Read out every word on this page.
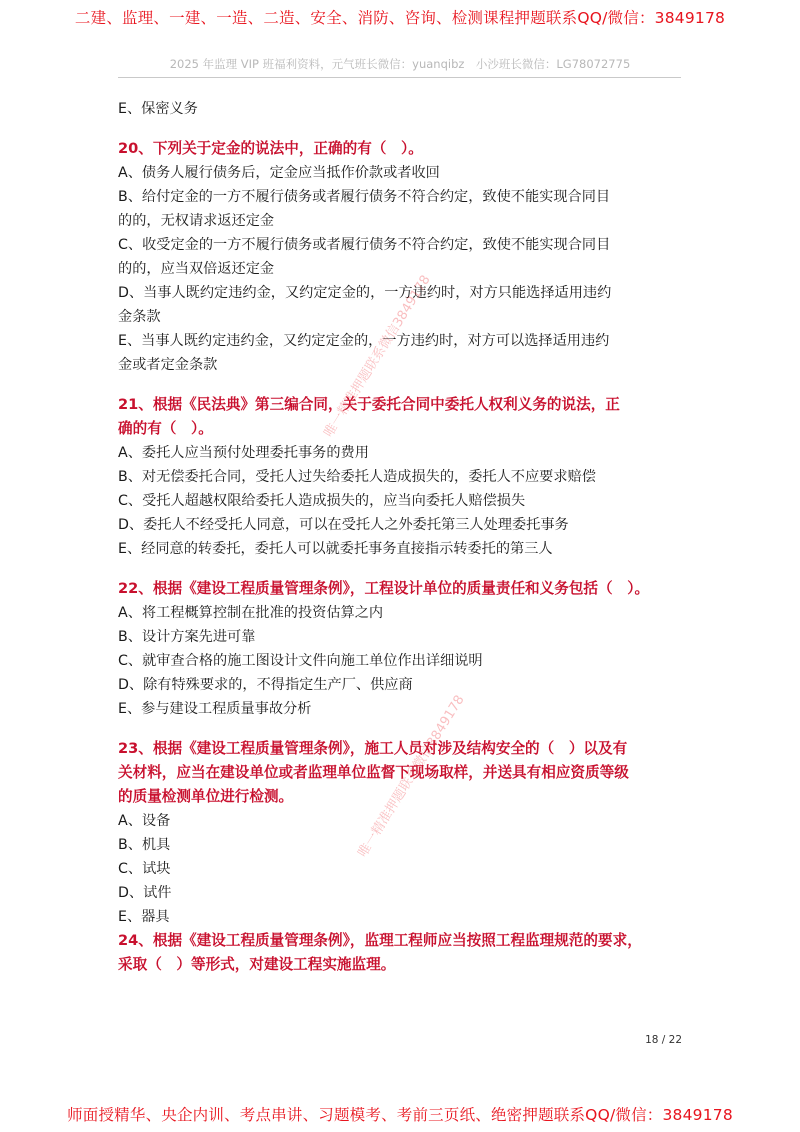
二建、监理、一建、一造、二造、安全、消防、咨询、检测课程押题联系QQ/微信：3849178
2025 年监理 VIP 班福利资料，元气班长微信：yuanqibz　小沙班长微信：LG78072775
E、保密义务
20、下列关于定金的说法中，正确的有（　）。
A、债务人履行债务后，定金应当抵作价款或者收回
B、给付定金的一方不履行债务或者履行债务不符合约定，致使不能实现合同目
的的，无权请求返还定金
C、收受定金的一方不履行债务或者履行债务不符合约定，致使不能实现合同目
的的，应当双倍返还定金
D、当事人既约定违约金，又约定定金的，一方违约时，对方只能选择适用违约
金条款
E、当事人既约定违约金，又约定定金的，一方违约时，对方可以选择适用违约
金或者定金条款
21、根据《民法典》第三编合同，关于委托合同中委托人权利义务的说法，正
确的有（　）。
A、委托人应当预付处理委托事务的费用
B、对无偿委托合同，受托人过失给委托人造成损失的，委托人不应要求赔偿
C、受托人超越权限给委托人造成损失的，应当向委托人赔偿损失
D、委托人不经受托人同意，可以在受托人之外委托第三人处理委托事务
E、经同意的转委托，委托人可以就委托事务直接指示转委托的第三人
22、根据《建设工程质量管理条例》，工程设计单位的质量责任和义务包括（　）。
A、将工程概算控制在批准的投资估算之内
B、设计方案先进可靠
C、就审查合格的施工图设计文件向施工单位作出详细说明
D、除有特殊要求的，不得指定生产厂、供应商
E、参与建设工程质量事故分析
23、根据《建设工程质量管理条例》，施工人员对涉及结构安全的（　）以及有
关材料，应当在建设单位或者监理单位监督下现场取样，并送具有相应资质等级
的质量检测单位进行检测。
A、设备
B、机具
C、试块
D、试件
E、器具
24、根据《建设工程质量管理条例》，监理工程师应当按照工程监理规范的要求，
采取（　）等形式，对建设工程实施监理。
唯一精准押题联系微信3849178
唯一精准押题联系微信3849178
18 / 22
师面授精华、央企内训、考点串讲、习题模考、考前三页纸、绝密押题联系QQ/微信：3849178
